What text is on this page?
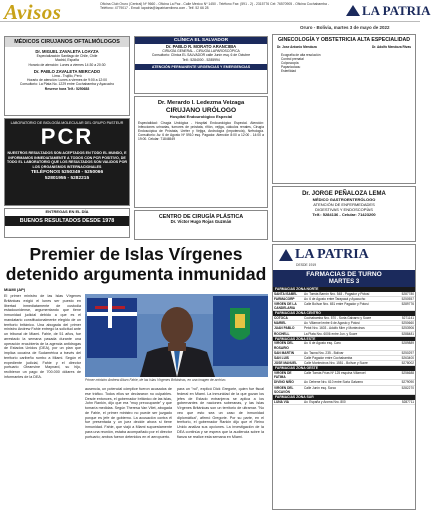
Avisos	Oficina Club Oruro (Central) Nº 9660 - Oficina La Paz - Calle Mexico Nº 1450 - Teléfono Fax: (591 - 2) - 2315776 Cel: 76570905 - Oficina Cochabamba - Teléfono: 4779017 - Email: lapatria@lapatriaenlinea.com - Telf. 52 66 28	LA PATRIA
Oruro - Bolivia, martes 3 de mayo de 2022
MÉDICOS CIRUJANOS OFTALMÓLOGOS
Dr. MIGUEL ZAVALETA LOAYZA
Especialización Santiago de Chile, Chile
Madrid, España
Horario de atención: Lunes a viernes 14:30 a 20:30
Dr. PABLO ZAVALETA MERCADO
Lima - Trujillo, Perú
Horario de atención: Lunes a viernes de 9:00 a 12:00
Consultorio: La Plata No. 1229 entre Cochabamba y Ayacucho
Reserve hora Telf.: 5250688
LABORATORIO DE BIOLOGÍA MOLECULAR DEL GRUPO PASTEUR
PCR
NUESTROS RESULTADOS SON ACEPTADOS EN TODO EL MUNDO, E INFORMAMOS INMEDIATAMENTE A TODOS CON PCR POSITIVO, DE TODO EL LABORATORIO QUE LOS RESULTADOS SON VALIDOS POR LOS ORGANISMOS INTERNACIONALES
TELÉFONOS 5250349 - 5250066
52801955 - 5282215
ENTREGAS EN EL DÍA
BUENOS RESULTADOS DESDE 1978
CLÍNICA EL SALVADOR
Dr. PABLO R. MORATO ARANCIBIA
CIRUGÍA GENERAL - CIRUGÍA LAPAROSCÓPICA
Consultorio: Clínica EL SALVADOR calle Junín esq. 6 de Octubre
Telf.: 5284000 - 5285994
ATENCIÓN PERMANENTE URGENCIAS Y EMERGENCIAS
Dr. Merardo I. Ledezma Veizaga
CIRUJANO URÓLOGO
Hospital Endourológico Especial
Especialidad: Cirugía Urológica - Hospital Endourológico Especial. Atención: Infecciones urinarias, tumores de próstata, riñón, vejiga, cálculos renales, Cirugía Endoscópica de Próstata, Uréter y Vejiga, Andrología (Impotencia), Nefrología. Consultorio: Av. 6 de Agosto Nº 5910 esq. Pagador. Atención 8:00 a 12:00 - 14:00 a 19:00. Celular: 71846549
CENTRO DE CIRUGÍA PLÁSTICA
Dr. Víctor Hugo Rojas Guzmán
GINECOLOGÍA Y OBSTETRICIA ALTA ESPECIALIDAD
Dr. Jose Antonio Mendoza	Dr. Adolfo Mendoza Rivas
Ecografía de alta resolución
Control prenatal
Colposcopia
Papanicolaou
Esterilidad
Dr. JORGE PEÑALOZA LEMA
MÉDICO GASTROENTERÓLOGO
ATENCIÓN DE ENFERMEDADES
DIGESTIVAS Y ENDOSCOPÍAS
Telf.: 5284136 - Celular: 71423200
Premier de Islas Vírgenes detenido argumenta inmunidad
MIAMI (AP)
El primer ministro de las Islas Vírgenes Británicas exigió el lunes ser puesto en libertad inmediatamente de custodia estadounidense, argumentando que tiene inmunidad judicial debido a que es el mandatario constitucionalmente elegido de un territorio británico. Una abogada del primer ministro Andrew Fahie entregó la solicitud ante un tribunal de Miami. Fahie, de 51 años, fue arrestado la semana pasada durante una operación encubierta de la agencia antidrogas de Estados Unidos (DEA), por un plan que implica cocaína de Sudamérica a través del territorio caribeño rumbo a Miami. Según el expediente judicial, Fahie y el director portuario Oleanvine Maynard, su hijo, recibieron un pago de 700.000 dólares de informantes de la DEA.
Primer ministro Andrew Alturo Fahie, de las Islas Vírgenes Británicas, en una imagen de archivo.
ausencia, un potencial cómplice fueron acusados de ese tráfico. Todos ellos se declararon no culpables. Desde entonces, el gobernador británico de las islas, John Rankin, dijo que era "muy preocupante" y que tomaría medidas. Según Theresa Van Vliet, abogada de Fahie, el primer ministro no puede ser juzgado porque es jefe de gobierno. La acusación contra él fue presentada y un juez decide ahora si tiene inmunidad. Fahie, que viajó a Miami supuestamente para una reunión, estaba acompañado por el director portuario; ambos fueron detenidos en el aeropuerto.
para un "rol", explicó Dick Gregorie, quien fue fiscal federal en Miami. La inmunidad de la que gozan los jefes de Estado extranjeros se aplica a los gobernantes de naciones soberanas, y las Islas Vírgenes Británicas son un territorio de ultramar. "No veo que esto sea un caso de inmunidad diplomática", afirmó Gregorie. Por su parte, en el territorio, el gobernador Rankin dijo que el Reino Unido analiza sus opciones. La investigación de la DEA continúa y se espera que la audiencia sobre la fianza se realice esta semana en Miami.
LA PATRIA
DESDE 1919
FARMACIAS DE TURNO
MARTES 3
FARMACIAS ZONA NORTE
SANTA ISABEL	Av. Tomás Barrón Nro. 548 - Pagador y Potosí	5287780
FARMACORP	Av. 6 de Agosto entre Tarapacá y Ayacucho	5250557
VIRGEN DE LA CANDELARIA
Calle Bolívar Nro. 651 entre Pagador y Potosí	5289776
FARMACIAS ZONA CENTRO
COTOCA	Cochabamba Nro. 570 - Soria Galvarro y Sucre	5271141
MARIEL	Av. Villarroel entre 6 de Agosto y Potosí	5250660
JUAN PABLO	Petot Nro. 1603 - Adolfo Mier y Montecinos	5253906
ROCHELL	La Plata Nro. 6006 entre Jun. y Sucre	5288481
FARMACIAS ZONA ESTE
VIRGEN DEL ROSARIO
Av. 6 de Agosto esq. Caro	5289889
SAN MARTIN	Av. Tacna Nro. 235 - Bolívar	5250297
SAN LUIS	Calle Pagador entre Cochabamba	5263400
JOSE MANUEL	Calle Montecinos Nro. 1551 - Bolívar y Sucre	5278002
FARMACIAS ZONA OESTE
VIRGEN DE FATIMA
Calle Tomás Frías Nº 125 esquina Villarroel	5256688
DIVINO NIÑO	Av. Dehene Nro. 610 entre Soria Galvarro	5279090
VIRGEN DEL SOCAVÓN
Calle Junín esq. Sorco	5282270
FARMACIAS ZONA SUR
LUNA VIA	Av. España y Aroma Nro. 800	5287711
